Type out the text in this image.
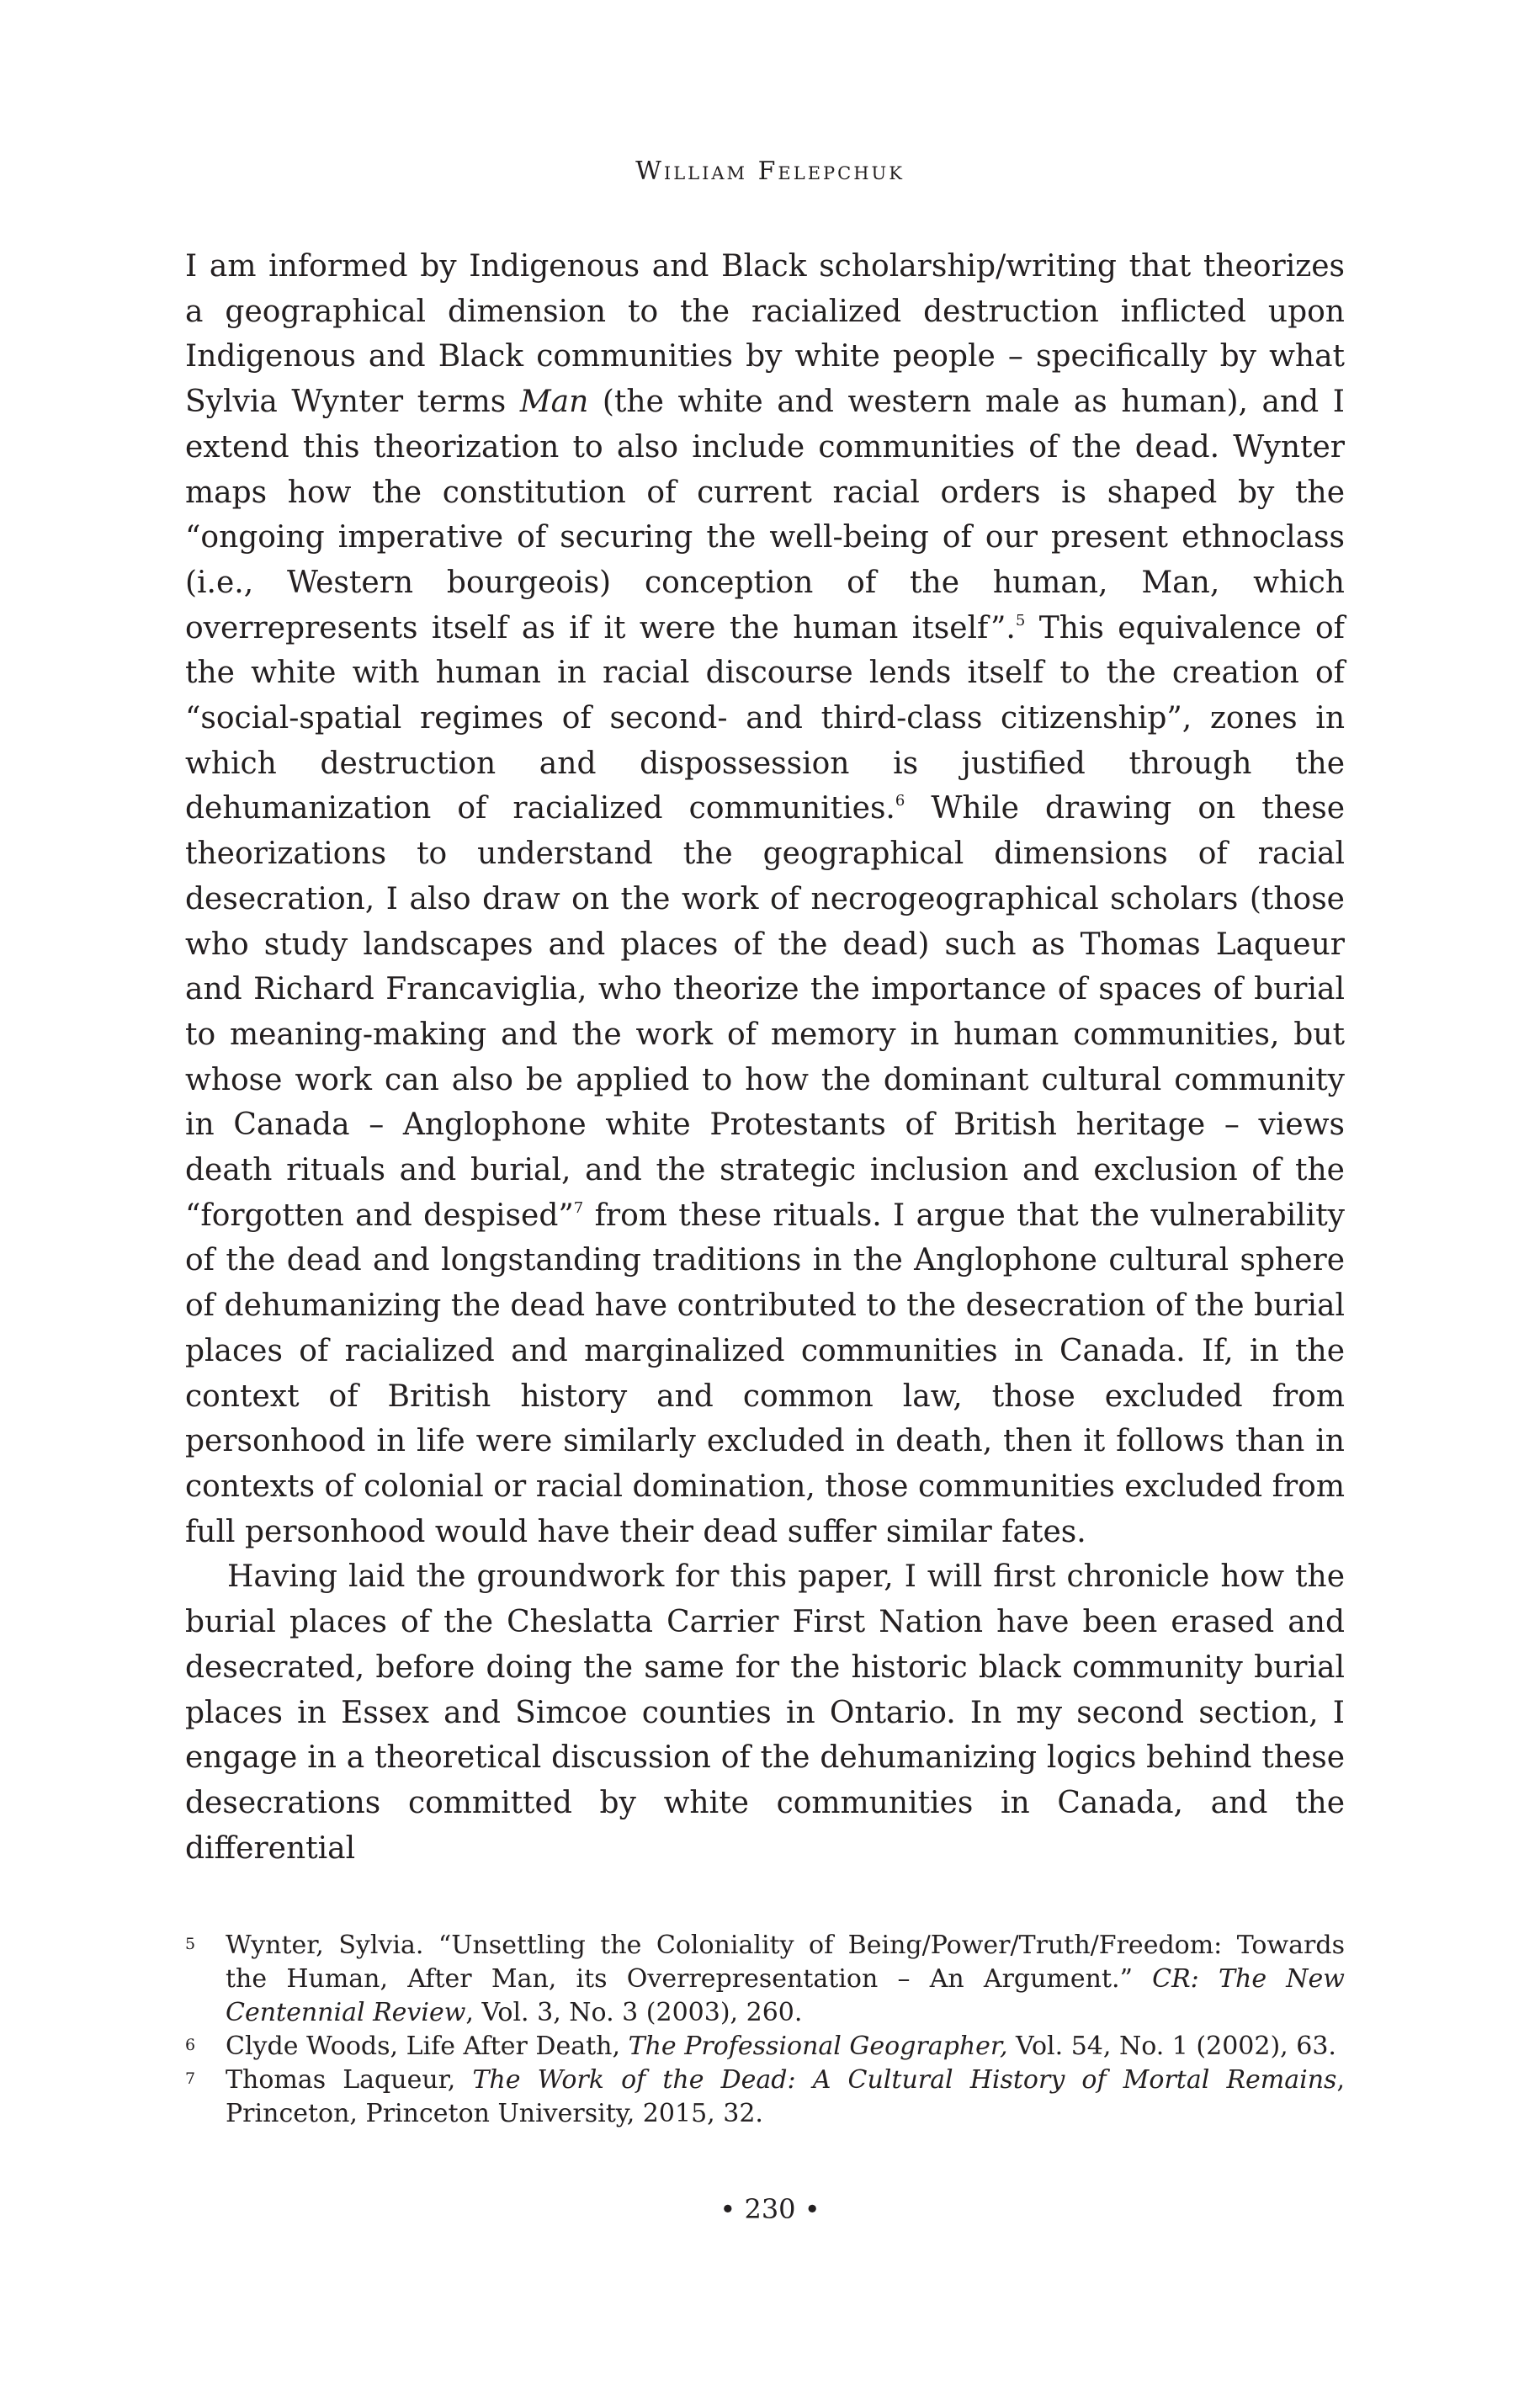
William Felepchuk

I am informed by Indigenous and Black scholarship/writing that theorizes a geographical dimension to the racialized destruction inflicted upon Indigenous and Black communities by white people – specifically by what Sylvia Wynter terms Man (the white and western male as human), and I extend this theorization to also include communities of the dead. Wynter maps how the constitution of current racial orders is shaped by the “ongoing imperative of securing the well-being of our present ethnoclass (i.e., Western bourgeois) conception of the human, Man, which overrepresents itself as if it were the human itself”.$^5$ This equivalence of the white with human in racial discourse lends itself to the creation of “social-spatial regimes of second- and third-class citizenship”, zones in which destruction and dispossession is justified through the dehumanization of racialized communities.$^6$ While drawing on these theorizations to understand the geographical dimensions of racial desecration, I also draw on the work of necrogeographical scholars (those who study landscapes and places of the dead) such as Thomas Laqueur and Richard Francaviglia, who theorize the importance of spaces of burial to meaning-making and the work of memory in human communities, but whose work can also be applied to how the dominant cultural community in Canada – Anglophone white Protestants of British heritage – views death rituals and burial, and the strategic inclusion and exclusion of the “forgotten and despised”$^7$ from these rituals. I argue that the vulnerability of the dead and longstanding traditions in the Anglophone cultural sphere of dehumanizing the dead have contributed to the desecration of the burial places of racialized and marginalized communities in Canada. If, in the context of British history and common law, those excluded from personhood in life were similarly excluded in death, then it follows than in contexts of colonial or racial domination, those communities excluded from full personhood would have their dead suffer similar fates.

Having laid the groundwork for this paper, I will first chronicle how the burial places of the Cheslatta Carrier First Nation have been erased and desecrated, before doing the same for the historic black community burial places in Essex and Simcoe counties in Ontario. In my second section, I engage in a theoretical discussion of the dehumanizing logics behind these desecrations committed by white communities in Canada, and the differential

5 Wynter, Sylvia. “Unsettling the Coloniality of Being/Power/Truth/Freedom: Towards the Human, After Man, its Overrepresentation – An Argument.” CR: The New Centennial Review, Vol. 3, No. 3 (2003), 260.
6 Clyde Woods, Life After Death, The Professional Geographer, Vol. 54, No. 1 (2002), 63.
7 Thomas Laqueur, The Work of the Dead: A Cultural History of Mortal Remains, Princeton, Princeton University, 2015, 32.
• 230 •
